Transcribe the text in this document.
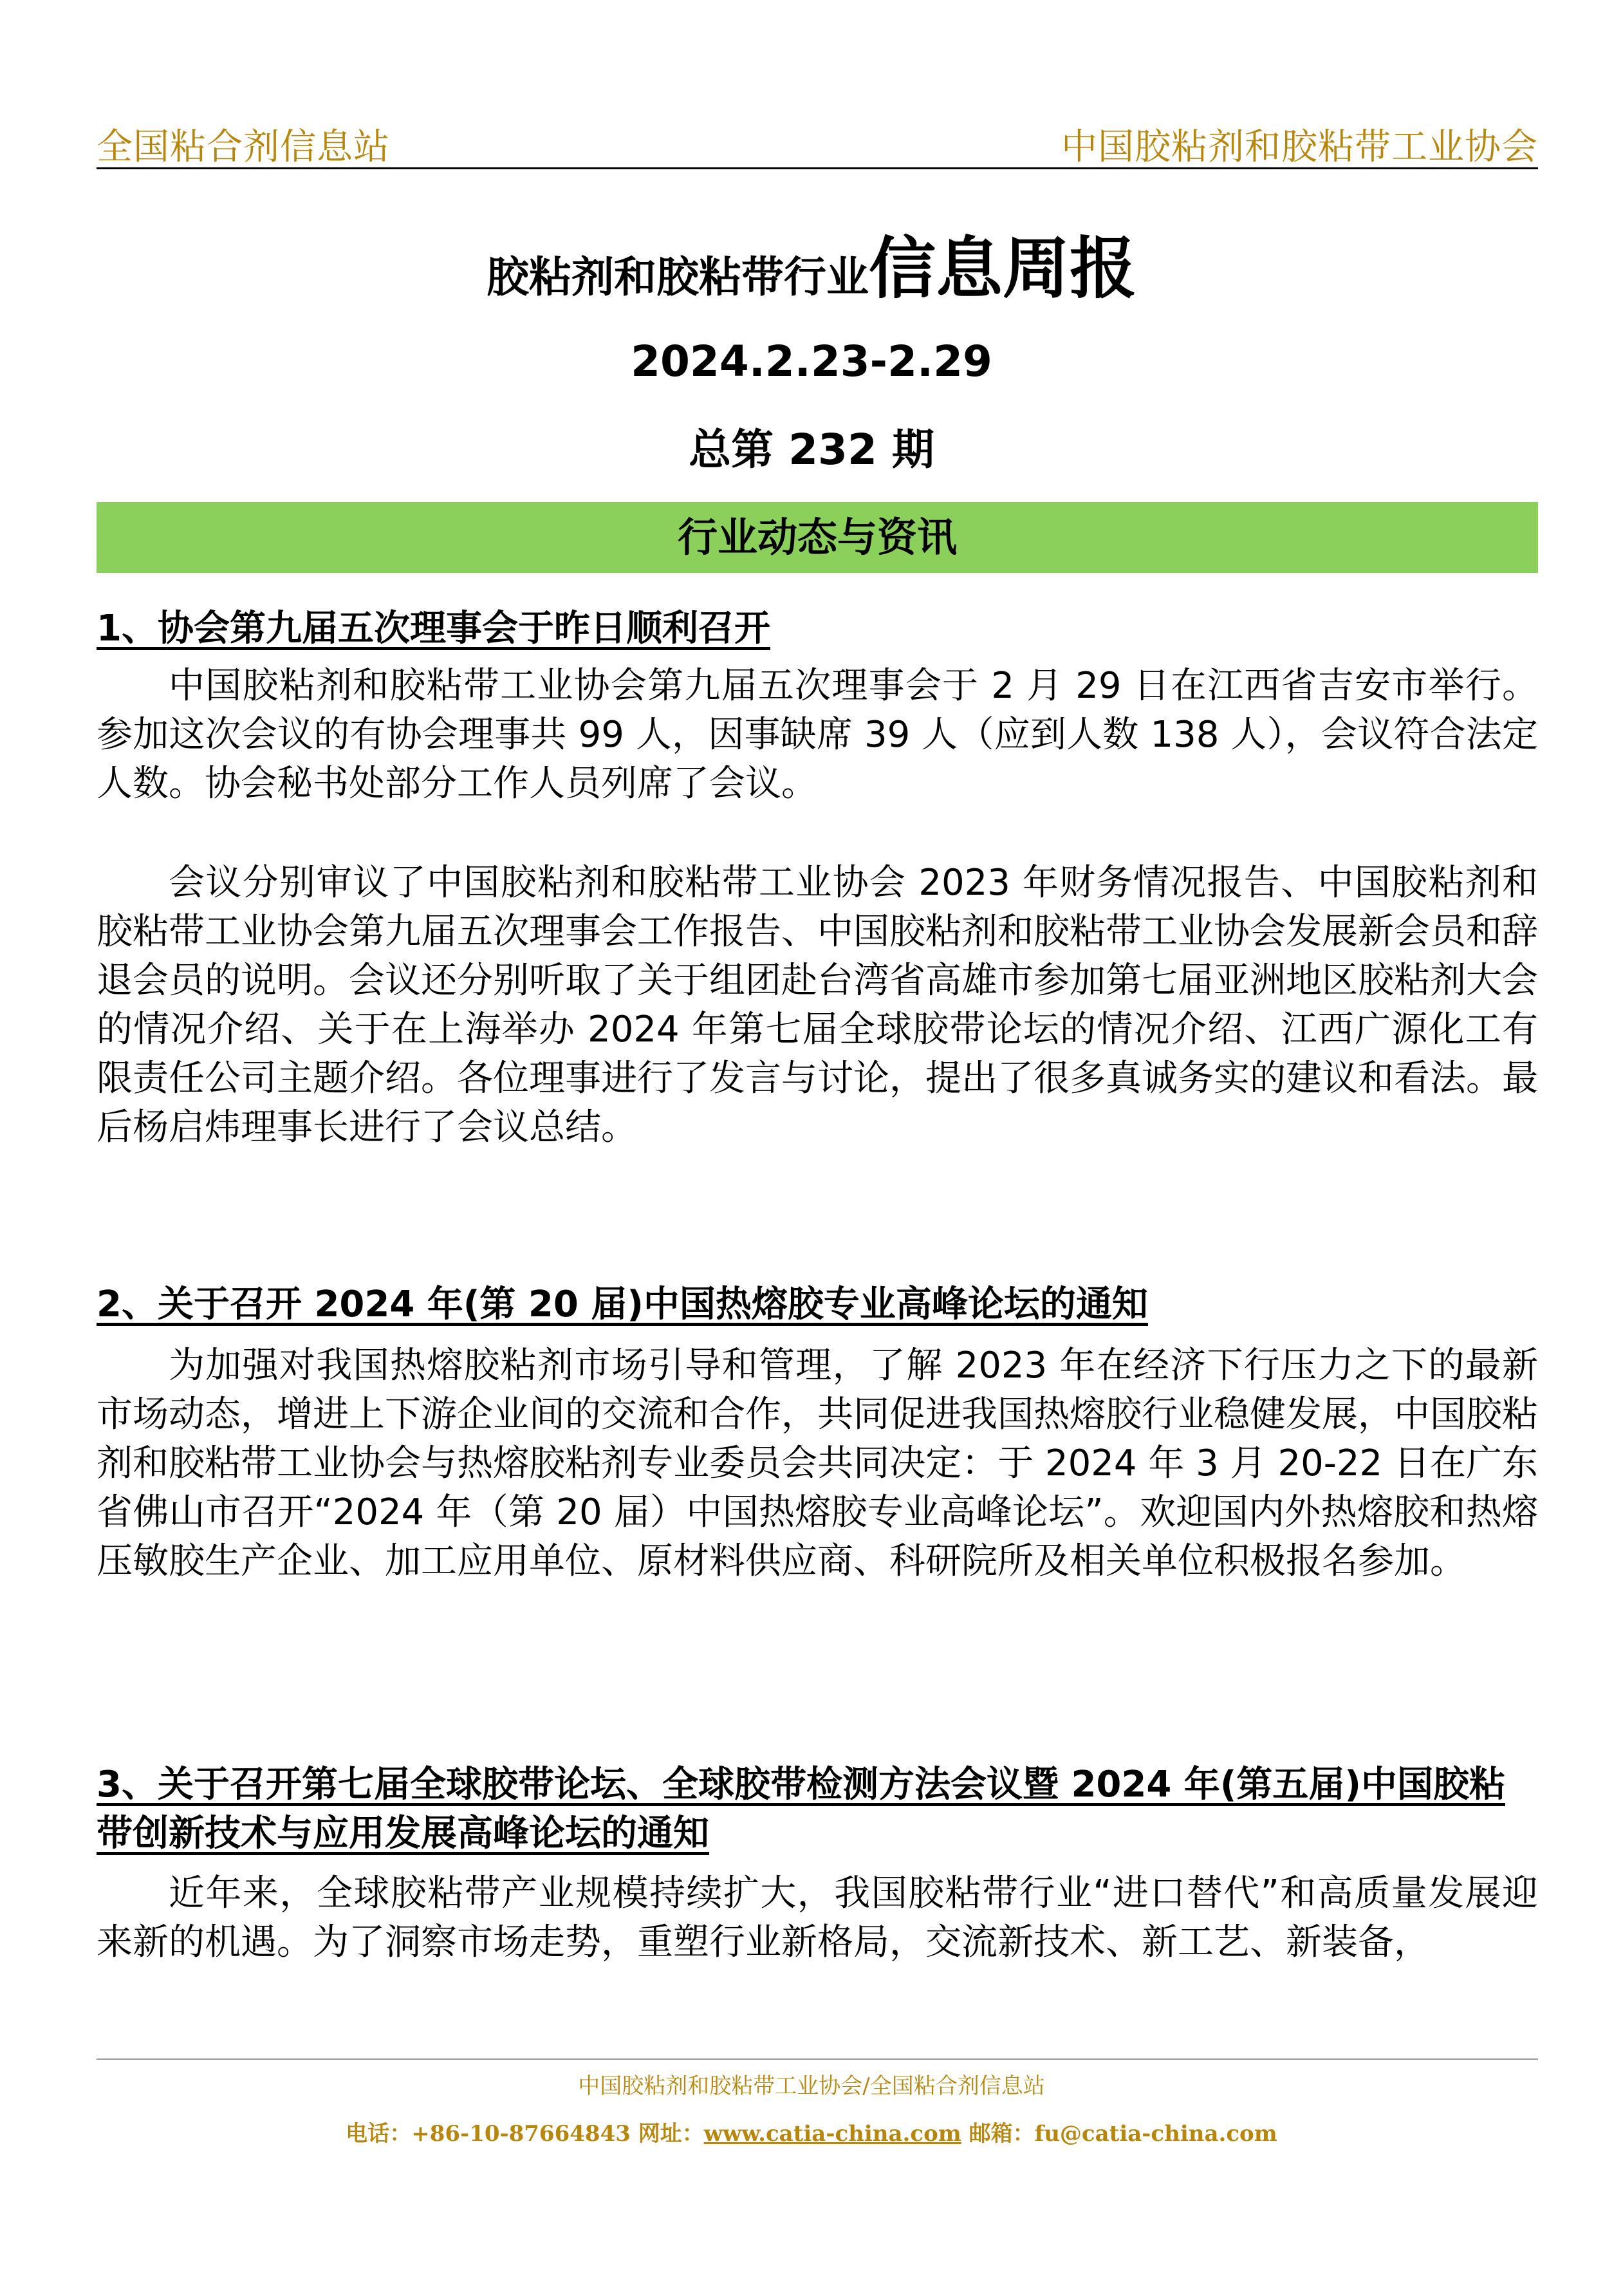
全国粘合剂信息站	中国胶粘剂和胶粘带工业协会
胶粘剂和胶粘带行业信息周报
2024.2.23-2.29
总第 232 期
行业动态与资讯
1、协会第九届五次理事会于昨日顺利召开
中国胶粘剂和胶粘带工业协会第九届五次理事会于 2 月 29 日在江西省吉安市举行。参加这次会议的有协会理事共 99 人，因事缺席 39 人（应到人数 138 人），会议符合法定人数。协会秘书处部分工作人员列席了会议。
会议分别审议了中国胶粘剂和胶粘带工业协会 2023 年财务情况报告、中国胶粘剂和胶粘带工业协会第九届五次理事会工作报告、中国胶粘剂和胶粘带工业协会发展新会员和辞退会员的说明。会议还分别听取了关于组团赴台湾省高雄市参加第七届亚洲地区胶粘剂大会的情况介绍、关于在上海举办 2024 年第七届全球胶带论坛的情况介绍、江西广源化工有限责任公司主题介绍。各位理事进行了发言与讨论，提出了很多真诚务实的建议和看法。最后杨启炜理事长进行了会议总结。
2、关于召开 2024 年(第 20 届)中国热熔胶专业高峰论坛的通知
为加强对我国热熔胶粘剂市场引导和管理，了解 2023 年在经济下行压力之下的最新市场动态，增进上下游企业间的交流和合作，共同促进我国热熔胶行业稳健发展，中国胶粘剂和胶粘带工业协会与热熔胶粘剂专业委员会共同决定：于 2024 年 3 月 20-22 日在广东省佛山市召开“2024 年（第 20 届）中国热熔胶专业高峰论坛”。欢迎国内外热熔胶和热熔压敏胶生产企业、加工应用单位、原材料供应商、科研院所及相关单位积极报名参加。
3、关于召开第七届全球胶带论坛、全球胶带检测方法会议暨 2024 年(第五届)中国胶粘带创新技术与应用发展高峰论坛的通知
近年来，全球胶粘带产业规模持续扩大，我国胶粘带行业“进口替代”和高质量发展迎来新的机遇。为了洞察市场走势，重塑行业新格局，交流新技术、新工艺、新装备，
中国胶粘剂和胶粘带工业协会/全国粘合剂信息站
电话：+86-10-87664843 网址：www.catia-china.com 邮箱：fu@catia-china.com
